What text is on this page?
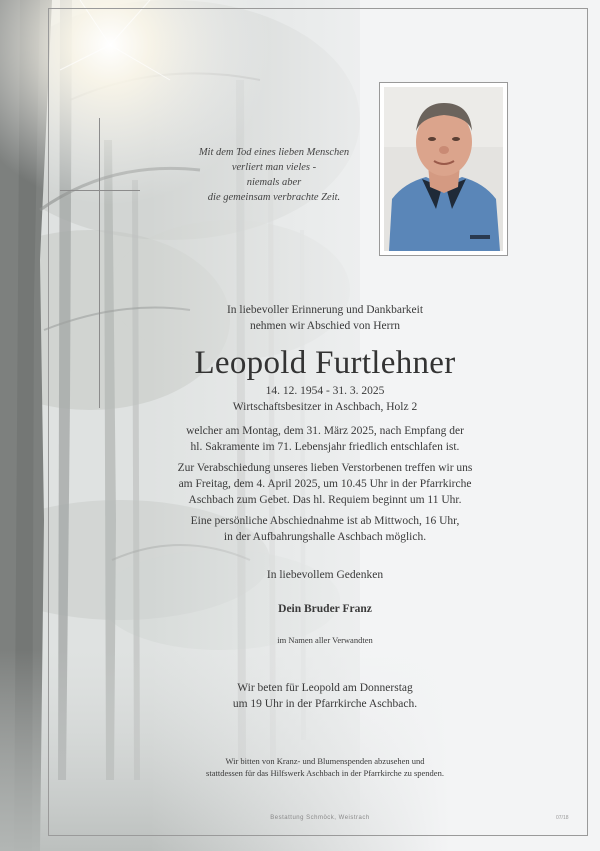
Mit dem Tod eines lieben Menschen
verliert man vieles -
niemals aber
die gemeinsam verbrachte Zeit.
In liebevoller Erinnerung und Dankbarkeit
nehmen wir Abschied von Herrn
Leopold Furtlehner
14. 12. 1954 - 31. 3. 2025
Wirtschaftsbesitzer in Aschbach, Holz 2
welcher am Montag, dem 31. März 2025, nach Empfang der
hl. Sakramente im 71. Lebensjahr friedlich entschlafen ist.
Zur Verabschiedung unseres lieben Verstorbenen treffen wir uns
am Freitag, dem 4. April 2025, um 10.45 Uhr in der Pfarrkirche
Aschbach zum Gebet. Das hl. Requiem beginnt um 11 Uhr.
Eine persönliche Abschiednahme ist ab Mittwoch, 16 Uhr,
in der Aufbahrungshalle Aschbach möglich.
In liebevollem Gedenken
Dein Bruder Franz
im Namen aller Verwandten
Wir beten für Leopold am Donnerstag
um 19 Uhr in der Pfarrkirche Aschbach.
Wir bitten von Kranz- und Blumenspenden abzusehen und
stattdessen für das Hilfswerk Aschbach in der Pfarrkirche zu spenden.
Bestattung Schmöck, Weistrach	07/18
